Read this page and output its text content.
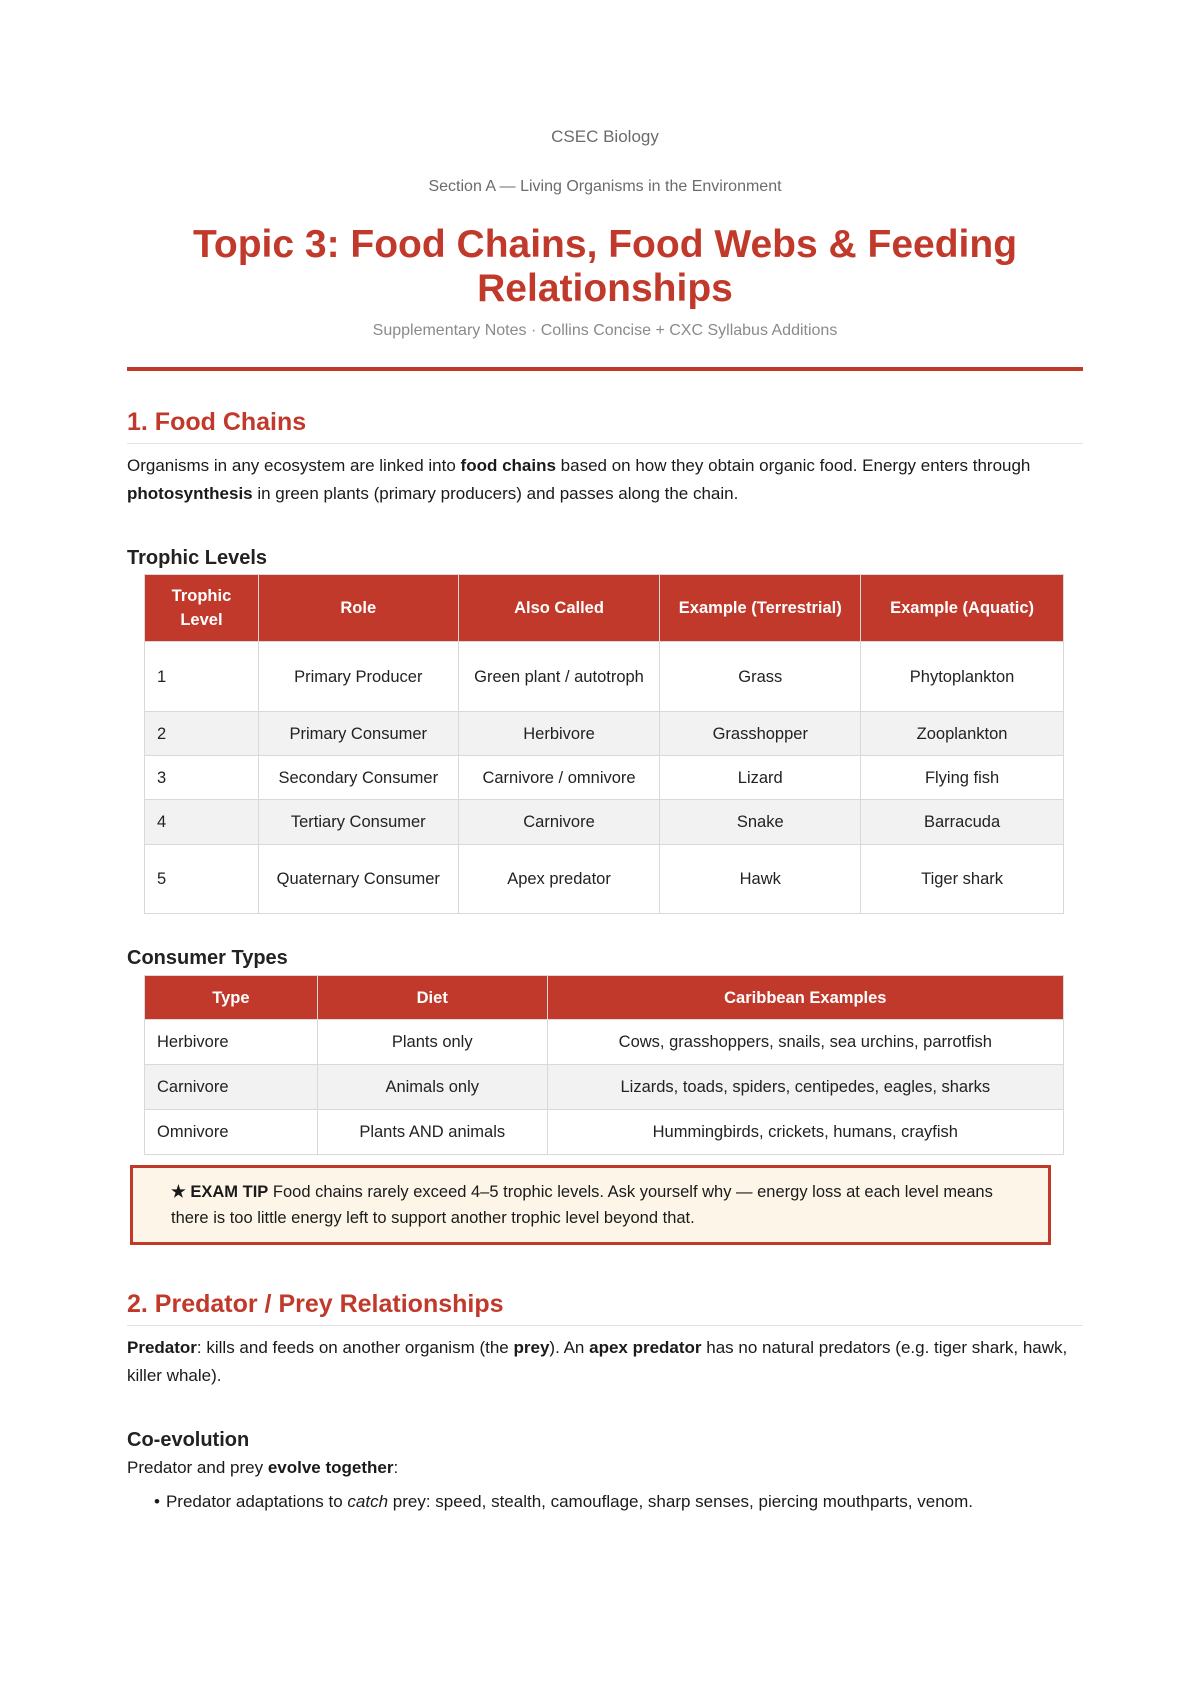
CSEC Biology
Section A — Living Organisms in the Environment
Topic 3: Food Chains, Food Webs & Feeding Relationships
Supplementary Notes · Collins Concise + CXC Syllabus Additions
1. Food Chains

Organisms in any ecosystem are linked into food chains based on how they obtain organic food. Energy enters through photosynthesis in green plants (primary producers) and passes along the chain.

Trophic Levels
Trophic Level	Role	Also Called	Example (Terrestrial)	Example (Aquatic)
1	Primary Producer	Green plant / autotroph	Grass	Phytoplankton
2	Primary Consumer	Herbivore	Grasshopper	Zooplankton
3	Secondary Consumer	Carnivore / omnivore	Lizard	Flying fish
4	Tertiary Consumer	Carnivore	Snake	Barracuda
5	Quaternary Consumer	Apex predator	Hawk	Tiger shark
Consumer Types
Type	Diet	Caribbean Examples
Herbivore	Plants only	Cows, grasshoppers, snails, sea urchins, parrotfish
Carnivore	Animals only	Lizards, toads, spiders, centipedes, eagles, sharks
Omnivore	Plants AND animals	Hummingbirds, crickets, humans, crayfish
★ EXAM TIP Food chains rarely exceed 4–5 trophic levels. Ask yourself why — energy loss at each level means there is too little energy left to support another trophic level beyond that.
2. Predator / Prey Relationships

Predator: kills and feeds on another organism (the prey). An apex predator has no natural predators (e.g. tiger shark, hawk, killer whale).

Co-evolution

Predator and prey evolve together:

• Predator adaptations to catch prey: speed, stealth, camouflage, sharp senses, piercing mouthparts, venom.
